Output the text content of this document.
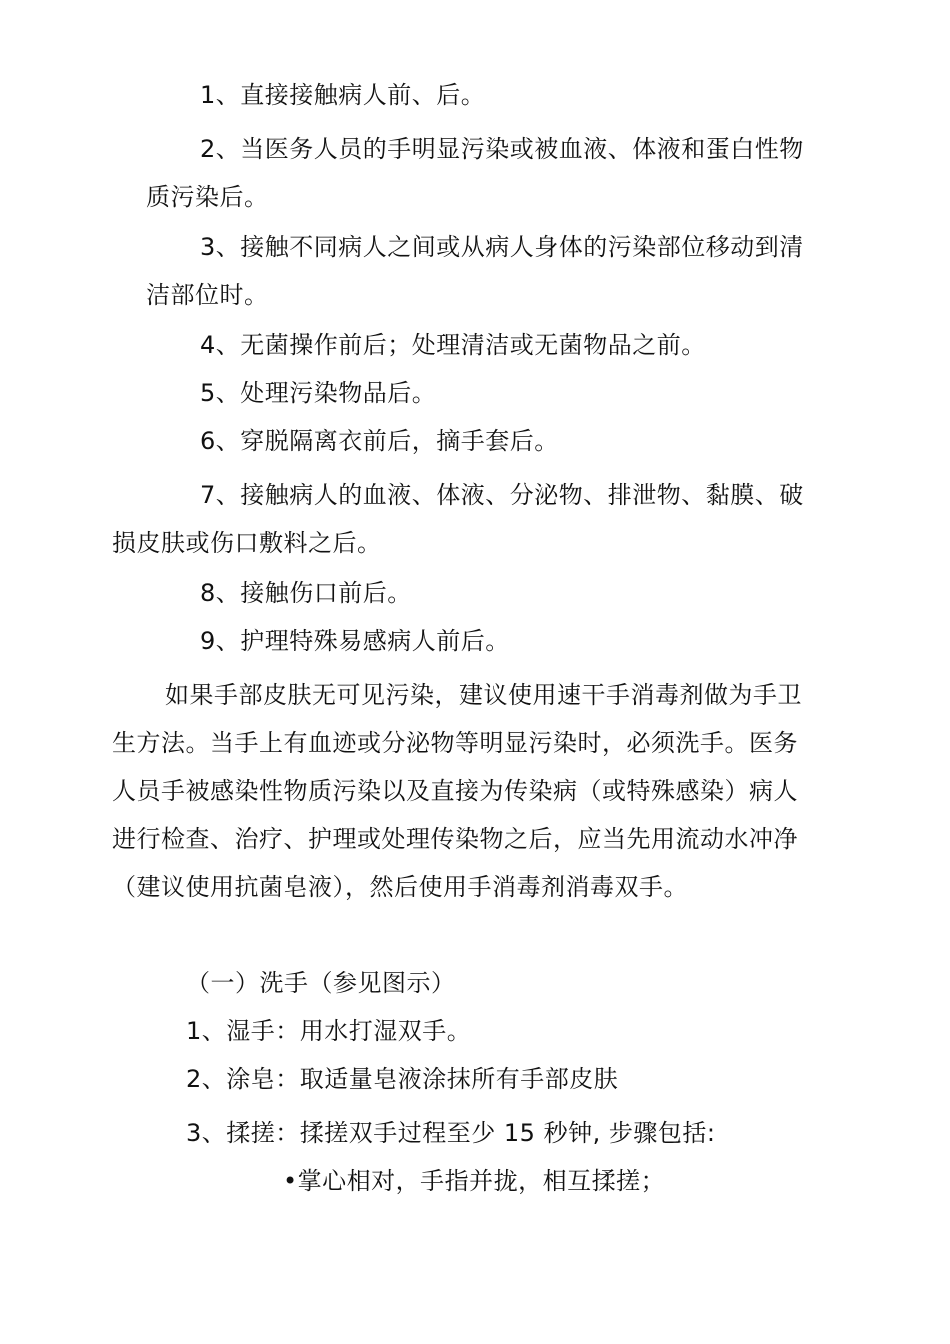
1、直接接触病人前、后。
2、当医务人员的手明显污染或被血液、体液和蛋白性物
质污染后。
3、接触不同病人之间或从病人身体的污染部位移动到清
洁部位时。
4、无菌操作前后；处理清洁或无菌物品之前。
5、处理污染物品后。
6、穿脱隔离衣前后，摘手套后。
7、接触病人的血液、体液、分泌物、排泄物、黏膜、破
损皮肤或伤口敷料之后。
8、接触伤口前后。
9、护理特殊易感病人前后。
如果手部皮肤无可见污染，建议使用速干手消毒剂做为手卫
生方法。当手上有血迹或分泌物等明显污染时，必须洗手。医务
人员手被感染性物质污染以及直接为传染病（或特殊感染）病人
进行检查、治疗、护理或处理传染物之后，应当先用流动水冲净
（建议使用抗菌皂液），然后使用手消毒剂消毒双手。
（一）洗手（参见图示）
1、湿手：用水打湿双手。
2、涂皂：取适量皂液涂抹所有手部皮肤
3、揉搓：揉搓双手过程至少 15 秒钟, 步骤包括:
•掌心相对，手指并拢，相互揉搓；
